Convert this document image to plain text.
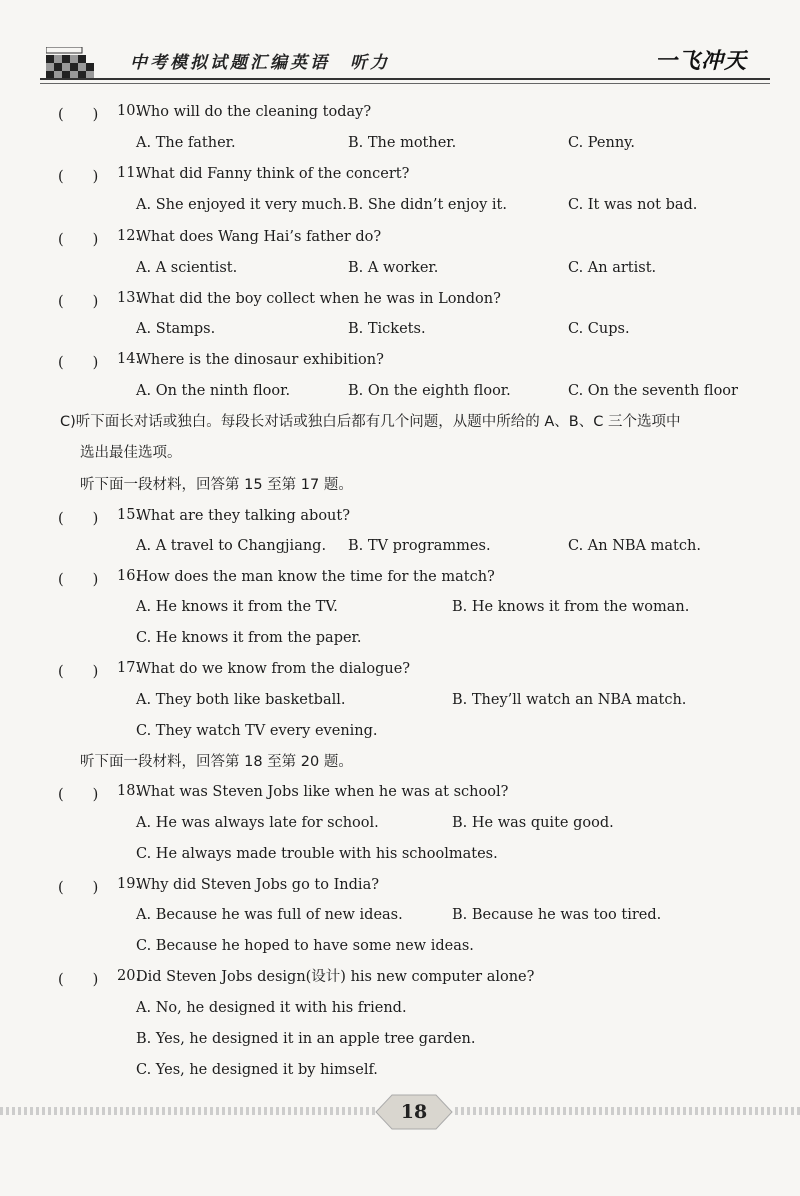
中考模拟试题汇编英语　听力	一飞冲天
(　　) 10.
Who will do the cleaning today?
A. The father.	B. The mother.	C. Penny.
(　　) 11.
What did Fanny think of the concert?
A. She enjoyed it very much. B. She didn’t enjoy it.	C. It was not bad.
(　　) 12.
What does Wang Hai’s father do?
A. A scientist.	B. A worker.	C. An artist.
(　　) 13.
What did the boy collect when he was in London?
A. Stamps.	B. Tickets.	C. Cups.
(　　) 14.
Where is the dinosaur exhibition?
A. On the ninth floor.	B. On the eighth floor.	C. On the seventh floor
C)听下面长对话或独白。每段长对话或独白后都有几个问题，从题中所给的 A、B、C 三个选项中
选出最佳选项。
听下面一段材料，回答第 15 至第 17 题。
(　　) 15.
What are they talking about?
A. A travel to Changjiang. B. TV programmes.	C. An NBA match.
(　　) 16.
How does the man know the time for the match?
A. He knows it from the TV.	B. He knows it from the woman.
C. He knows it from the paper.
(　　) 17.
What do we know from the dialogue?
A. They both like basketball.	B. They’ll watch an NBA match.
C. They watch TV every evening.
听下面一段材料，回答第 18 至第 20 题。
(　　) 18.
What was Steven Jobs like when he was at school?
A. He was always late for school.	B. He was quite good.
C. He always made trouble with his schoolmates.
(　　) 19.
Why did Steven Jobs go to India?
A. Because he was full of new ideas.	B. Because he was too tired.
C. Because he hoped to have some new ideas.
(　　) 20.
Did Steven Jobs design(设计) his new computer alone?
A. No, he designed it with his friend.
B. Yes, he designed it in an apple tree garden.
C. Yes, he designed it by himself.
18
